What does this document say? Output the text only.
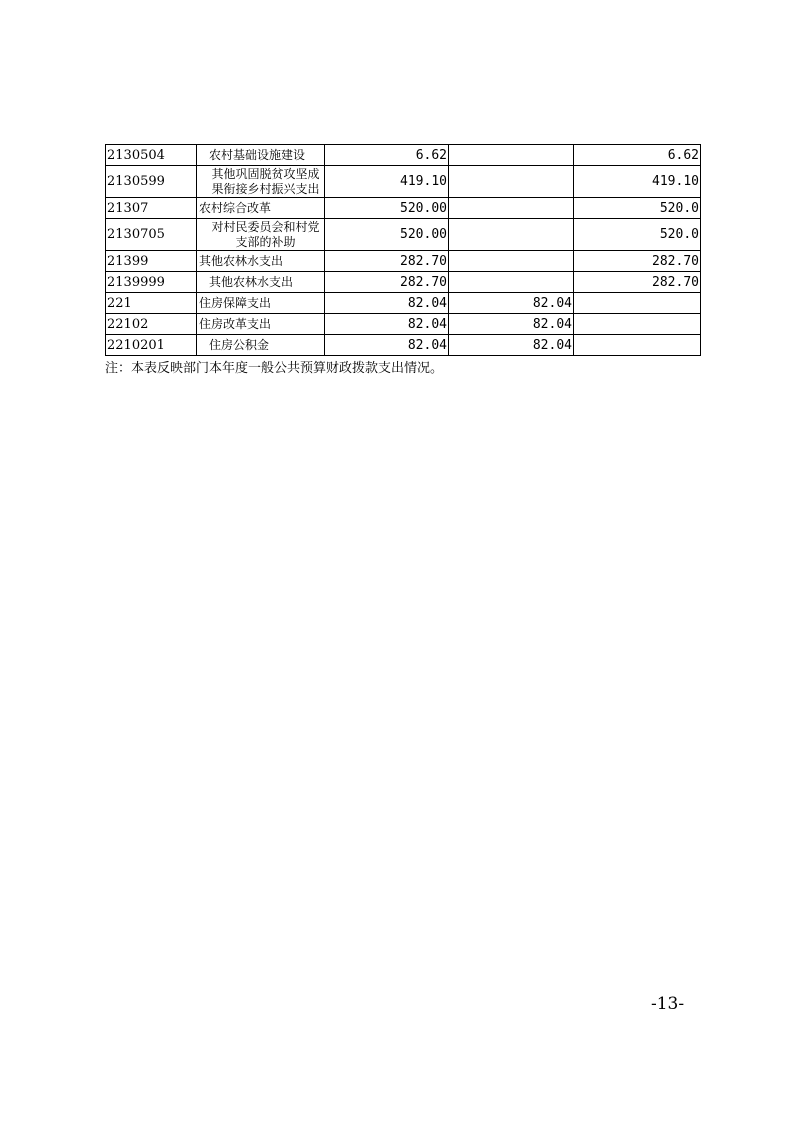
2130504	农村基础设施建设	6.62		6.62
2130599	其他巩固脱贫攻坚成果衔接乡村振兴支出	419.10		419.10
21307	农村综合改革	520.00		520.0
2130705	对村民委员会和村党支部的补助	520.00		520.0
21399	其他农林水支出	282.70		282.70
2139999	其他农林水支出	282.70		282.70
221	住房保障支出	82.04	82.04	
22102	住房改革支出	82.04	82.04	
2210201	住房公积金	82.04	82.04	
注：本表反映部门本年度一般公共预算财政拨款支出情况。
-13-
